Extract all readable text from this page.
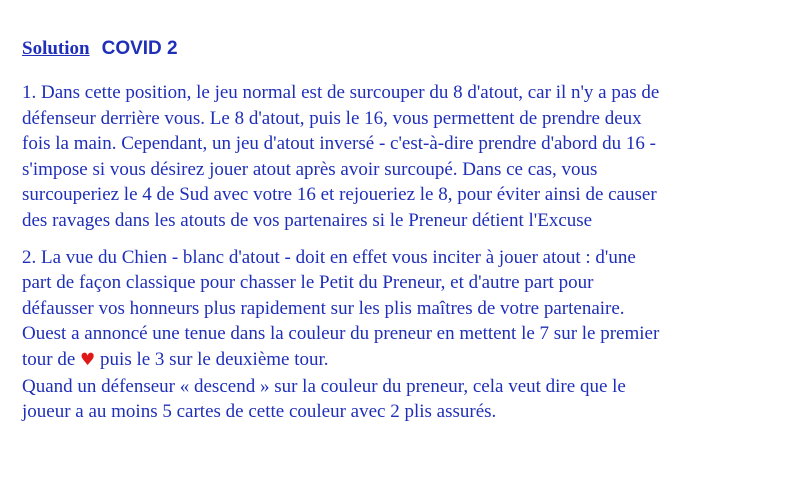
Solution COVID 2

1. Dans cette position, le jeu normal est de surcouper du 8 d'atout, car il n'y a pas de
défenseur derrière vous. Le 8 d'atout, puis le 16, vous permettent de prendre deux
fois la main. Cependant, un jeu d'atout inversé - c'est-à-dire prendre d'abord du 16 -
s'impose si vous désirez jouer atout après avoir surcoupé. Dans ce cas, vous
surcouperiez le 4 de Sud avec votre 16 et rejoueriez le 8, pour éviter ainsi de causer
des ravages dans les atouts de vos partenaires si le Preneur détient l'Excuse

2. La vue du Chien - blanc d'atout - doit en effet vous inciter à jouer atout : d'une
part de façon classique pour chasser le Petit du Preneur, et d'autre part pour
défausser vos honneurs plus rapidement sur les plis maîtres de votre partenaire.
Ouest a annoncé une tenue dans la couleur du preneur en mettent le 7 sur le premier
tour de ♥ puis le 3 sur le deuxième tour.
Quand un défenseur « descend » sur la couleur du preneur, cela veut dire que le
joueur a au moins 5 cartes de cette couleur avec 2 plis assurés.
